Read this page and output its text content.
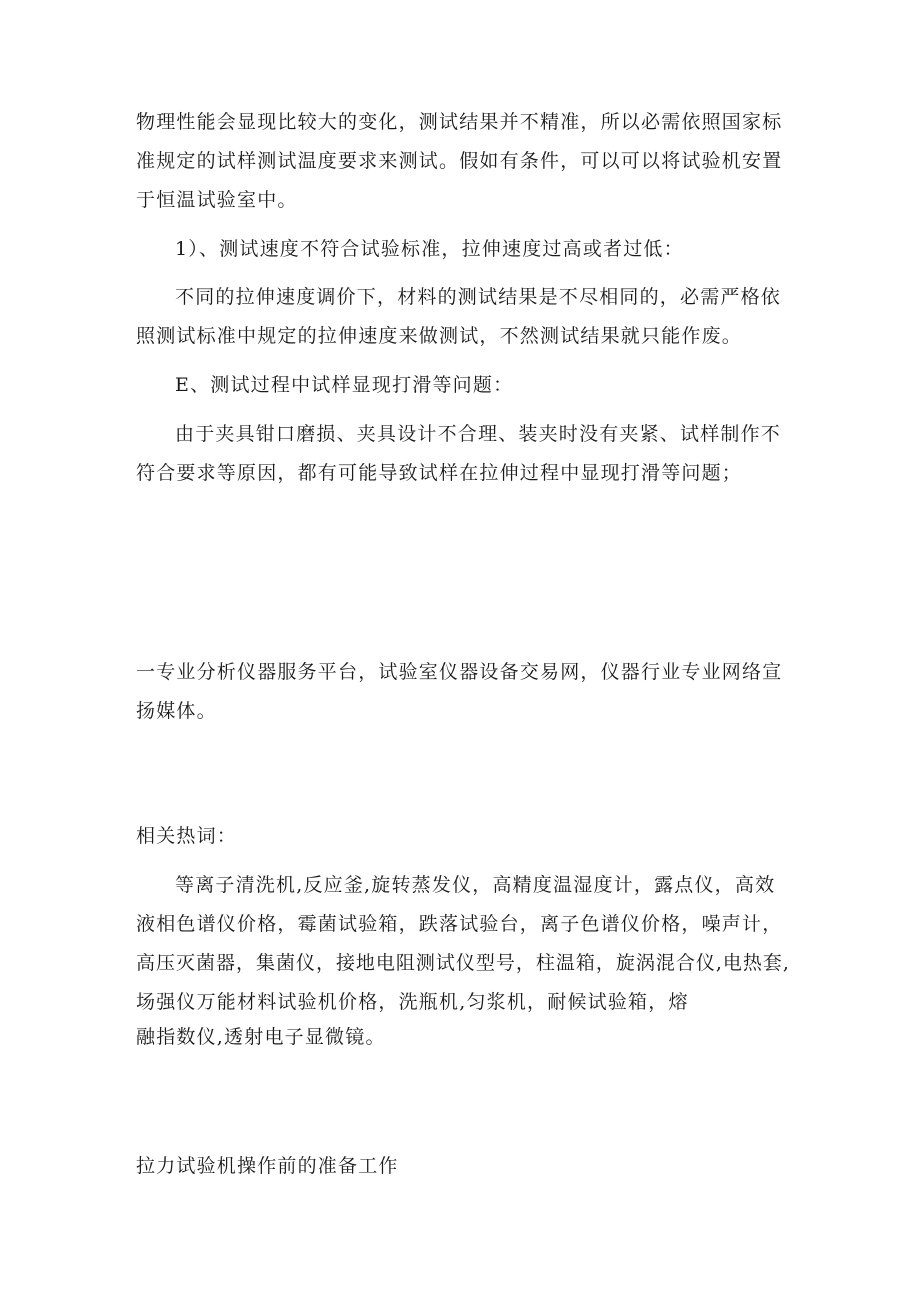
物理性能会显现比较大的变化，测试结果并不精准，所以必需依照国家标
准规定的试样测试温度要求来测试。假如有条件，可以可以将试验机安置
于恒温试验室中。
1）、测试速度不符合试验标准，拉伸速度过高或者过低：
不同的拉伸速度调价下，材料的测试结果是不尽相同的，必需严格依
照测试标准中规定的拉伸速度来做测试，不然测试结果就只能作废。
E、测试过程中试样显现打滑等问题：
由于夹具钳口磨损、夹具设计不合理、装夹时没有夹紧、试样制作不
符合要求等原因，都有可能导致试样在拉伸过程中显现打滑等问题；
一专业分析仪器服务平台，试验室仪器设备交易网，仪器行业专业网络宣
扬媒体。
相关热词：
等离子清洗机,反应釜,旋转蒸发仪，高精度温湿度计，露点仪，高效
液相色谱仪价格，霉菌试验箱，跌落试验台，离子色谱仪价格，噪声计，
高压灭菌器，集菌仪，接地电阻测试仪型号，柱温箱，旋涡混合仪,电热套,
场强仪万能材料试验机价格，洗瓶机,匀浆机，耐候试验箱，熔
融指数仪,透射电子显微镜。
拉力试验机操作前的准备工作
